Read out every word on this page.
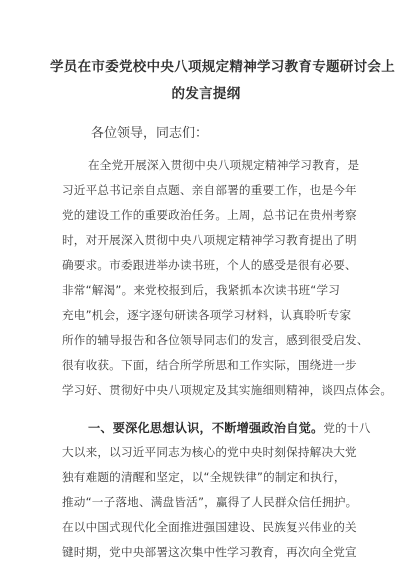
学员在市委党校中央八项规定精神学习教育专题研讨会上
的发言提纲
各位领导，同志们：
在全党开展深入贯彻中央八项规定精神学习教育，是
习近平总书记亲自点题、亲自部署的重要工作，也是今年
党的建设工作的重要政治任务。上周，总书记在贵州考察
时，对开展深入贯彻中央八项规定精神学习教育提出了明
确要求。市委跟进举办读书班，个人的感受是很有必要、
非常“解渴”。来党校报到后，我紧抓本次读书班“学习
充电”机会，逐字逐句研读各项学习材料，认真聆听专家
所作的辅导报告和各位领导同志们的发言，感到很受启发、
很有收获。下面，结合所学所思和工作实际，围绕进一步
学习好、贯彻好中央八项规定及其实施细则精神，谈四点体会。
一、要深化思想认识，不断增强政治自觉。党的十八
大以来，以习近平同志为核心的党中央时刻保持解决大党
独有难题的清醒和坚定，以“全规铁律”的制定和执行，
推动“一子落地、满盘皆活”，赢得了人民群众信任拥护。
在以中国式现代化全面推进强国建设、民族复兴伟业的关
键时期，党中央部署这次集中性学习教育，再次向全党宣
